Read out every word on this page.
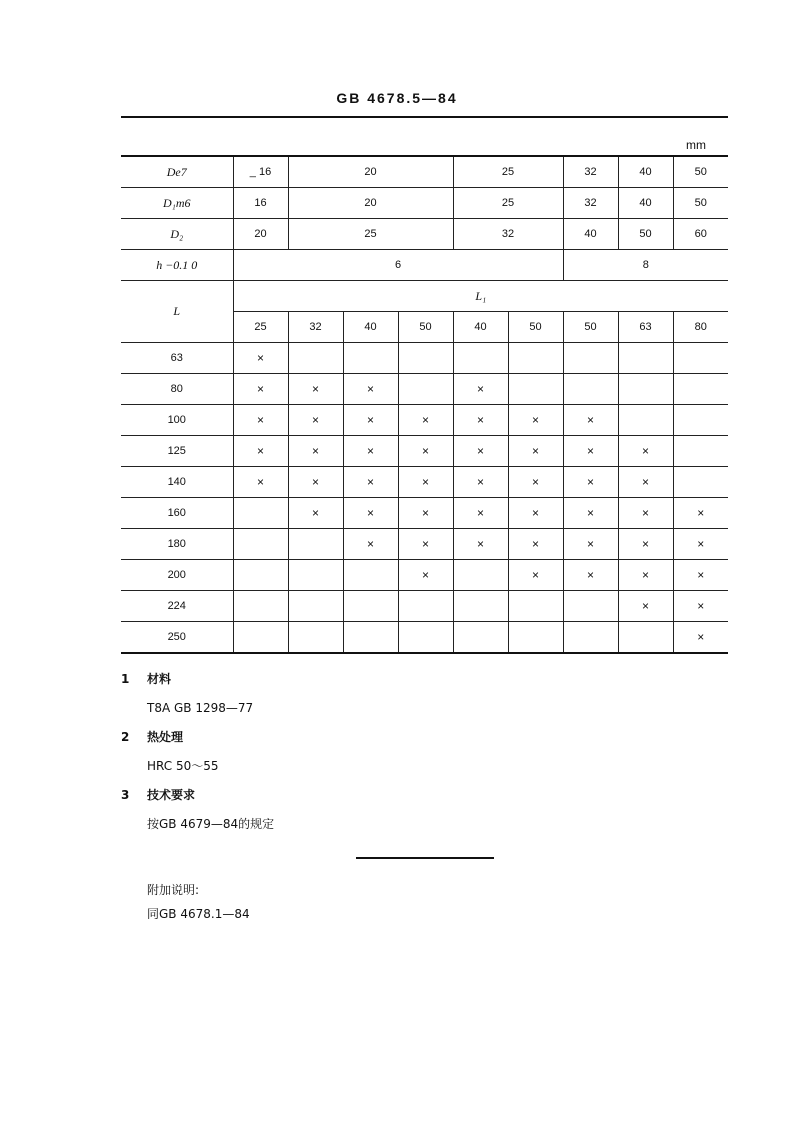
GB 4678.5—84
mm
De7	_ 16	20			25		32	40	50
D₁m6	16	20			25		32	40	50
D₂	20	25			32		40	50	60
h −0.1 0	6						8		
L	L₁								
	25	32	40	50	40	50	50	63	80
63	×								
80	×	×	×		×				
100	×	×	×	×	×	×	×		
125	×	×	×	×	×	×	×	×	
140	×	×	×	×	×	×	×	×	
160		×	×	×	×	×	×	×	×
180			×	×	×	×	×	×	×
200				×		×	×	×	×
224								×	×
250									×
1 材料
T8A GB 1298—77
2 热处理
HRC 50～55
3 技术要求
按GB 4679—84的规定
附加说明:
同GB 4678.1—84
